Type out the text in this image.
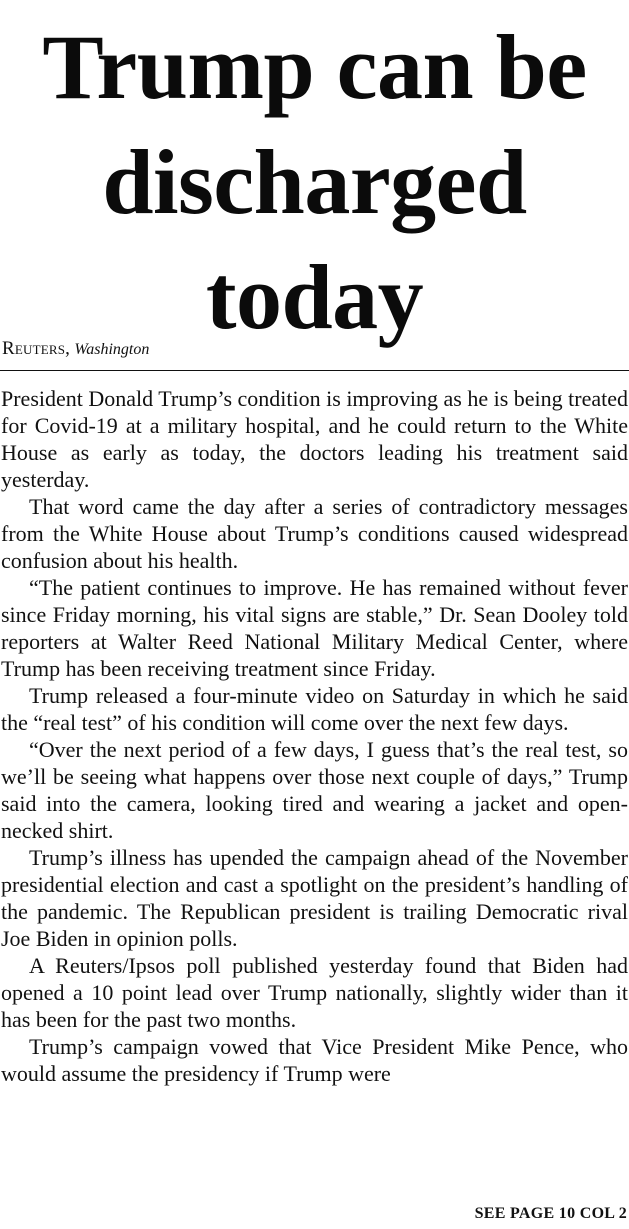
Trump can be
discharged
today
Reuters, Washington

President Donald Trump’s condition is improving as he is being treated for Covid-19 at a military hospital, and he could return to the White House as early as today, the doctors leading his treatment said yesterday.

That word came the day after a series of contradictory messages from the White House about Trump’s conditions caused widespread confusion about his health.

“The patient continues to improve. He has remained without fever since Friday morning, his vital signs are stable,” Dr. Sean Dooley told reporters at Walter Reed National Military Medical Center, where Trump has been receiving treatment since Friday.

Trump released a four-minute video on Saturday in which he said the “real test” of his condition will come over the next few days.

“Over the next period of a few days, I guess that’s the real test, so we’ll be seeing what happens over those next couple of days,” Trump said into the camera, looking tired and wearing a jacket and open-necked shirt.

Trump’s illness has upended the campaign ahead of the November presidential election and cast a spotlight on the president’s handling of the pandemic. The Republican president is trailing Democratic rival Joe Biden in opinion polls.

A Reuters/Ipsos poll published yesterday found that Biden had opened a 10 point lead over Trump nationally, slightly wider than it has been for the past two months.

Trump’s campaign vowed that Vice President Mike Pence, who would assume the presidency if Trump were

SEE PAGE 10 COL 2
